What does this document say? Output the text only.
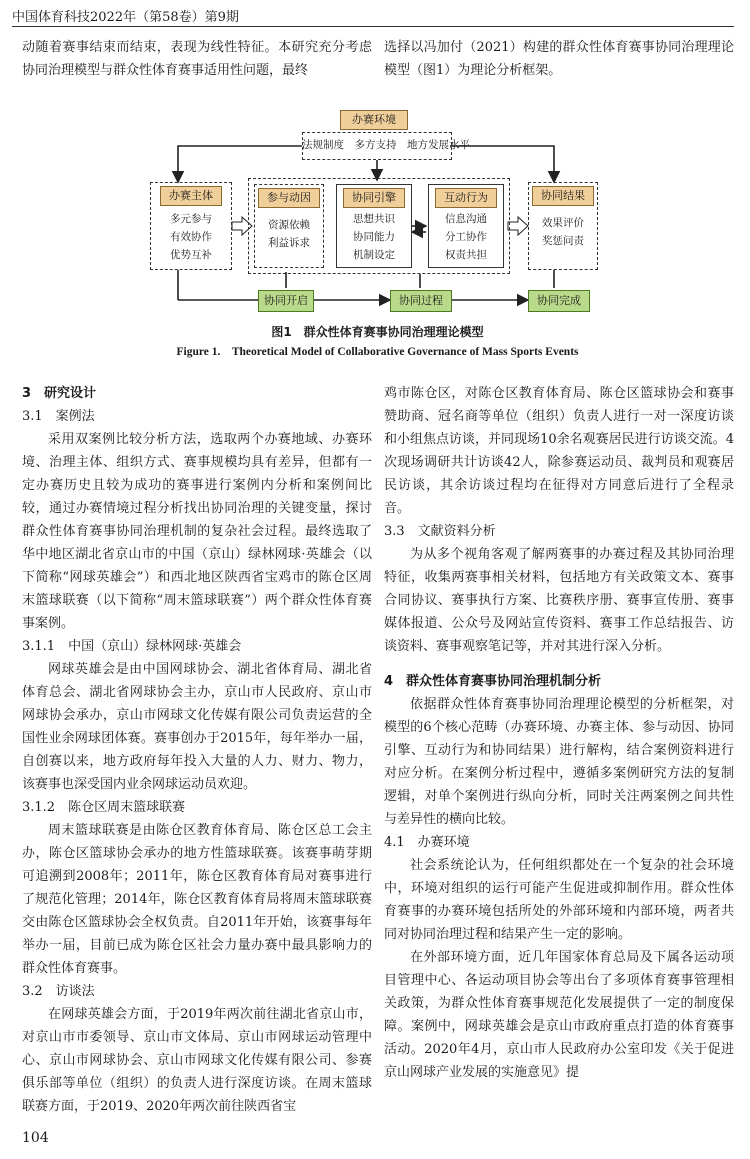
中国体育科技2022年（第58卷）第9期

动随着赛事结束而结束，表现为线性特征。本研究充分考虑协同治理模型与群众性体育赛事适用性问题，最终

选择以冯加付（2021）构建的群众性体育赛事协同治理理论模型（图1）为理论分析框架。

办赛环境
法规制度　多方支持　地方发展水平
办赛主体
多元参与
有效协作
优势互补
参与动因
资源依赖
利益诉求
协同引擎
思想共识
协同能力
机制设定
互动行为
信息沟通
分工协作
权责共担
协同结果
效果评价
奖惩问责
协同开启	协同过程	协同完成
图1　群众性体育赛事协同治理理论模型
Figure 1.　Theoretical Model of Collaborative Governance of Mass Sports Events

3　研究设计

3.1　案例法

采用双案例比较分析方法，选取两个办赛地域、办赛环境、治理主体、组织方式、赛事规模均具有差异，但都有一定办赛历史且较为成功的赛事进行案例内分析和案例间比较，通过办赛情境过程分析找出协同治理的关键变量，探讨群众性体育赛事协同治理机制的复杂社会过程。最终选取了华中地区湖北省京山市的中国（京山）绿林网球·英雄会（以下简称“网球英雄会”）和西北地区陕西省宝鸡市的陈仓区周末篮球联赛（以下简称“周末篮球联赛”）两个群众性体育赛事案例。

3.1.1　中国（京山）绿林网球·英雄会

网球英雄会是由中国网球协会、湖北省体育局、湖北省体育总会、湖北省网球协会主办，京山市人民政府、京山市网球协会承办，京山市网球文化传媒有限公司负责运营的全国性业余网球团体赛。赛事创办于2015年，每年举办一届，自创赛以来，地方政府每年投入大量的人力、财力、物力，该赛事也深受国内业余网球运动员欢迎。

3.1.2　陈仓区周末篮球联赛

周末篮球联赛是由陈仓区教育体育局、陈仓区总工会主办，陈仓区篮球协会承办的地方性篮球联赛。该赛事萌芽期可追溯到2008年；2011年，陈仓区教育体育局对赛事进行了规范化管理；2014年，陈仓区教育体育局将周末篮球联赛交由陈仓区篮球协会全权负责。自2011年开始，该赛事每年举办一届，目前已成为陈仓区社会力量办赛中最具影响力的群众性体育赛事。

3.2　访谈法

在网球英雄会方面，于2019年两次前往湖北省京山市，对京山市市委领导、京山市文体局、京山市网球运动管理中心、京山市网球协会、京山市网球文化传媒有限公司、参赛俱乐部等单位（组织）的负责人进行深度访谈。在周末篮球联赛方面，于2019、2020年两次前往陕西省宝

鸡市陈仓区，对陈仓区教育体育局、陈仓区篮球协会和赛事赞助商、冠名商等单位（组织）负责人进行一对一深度访谈和小组焦点访谈，并同现场10余名观赛居民进行访谈交流。4次现场调研共计访谈42人，除参赛运动员、裁判员和观赛居民访谈，其余访谈过程均在征得对方同意后进行了全程录音。

3.3　文献资料分析

为从多个视角客观了解两赛事的办赛过程及其协同治理特征，收集两赛事相关材料，包括地方有关政策文本、赛事合同协议、赛事执行方案、比赛秩序册、赛事宣传册、赛事媒体报道、公众号及网站宣传资料、赛事工作总结报告、访谈资料、赛事观察笔记等，并对其进行深入分析。

4　群众性体育赛事协同治理机制分析

依据群众性体育赛事协同治理理论模型的分析框架，对模型的6个核心范畴（办赛环境、办赛主体、参与动因、协同引擎、互动行为和协同结果）进行解构，结合案例资料进行对应分析。在案例分析过程中，遵循多案例研究方法的复制逻辑，对单个案例进行纵向分析，同时关注两案例之间共性与差异性的横向比较。

4.1　办赛环境

社会系统论认为，任何组织都处在一个复杂的社会环境中，环境对组织的运行可能产生促进或抑制作用。群众性体育赛事的办赛环境包括所处的外部环境和内部环境，两者共同对协同治理过程和结果产生一定的影响。

在外部环境方面，近几年国家体育总局及下属各运动项目管理中心、各运动项目协会等出台了多项体育赛事管理相关政策，为群众性体育赛事规范化发展提供了一定的制度保障。案例中，网球英雄会是京山市政府重点打造的体育赛事活动。2020年4月，京山市人民政府办公室印发《关于促进京山网球产业发展的实施意见》提

104
